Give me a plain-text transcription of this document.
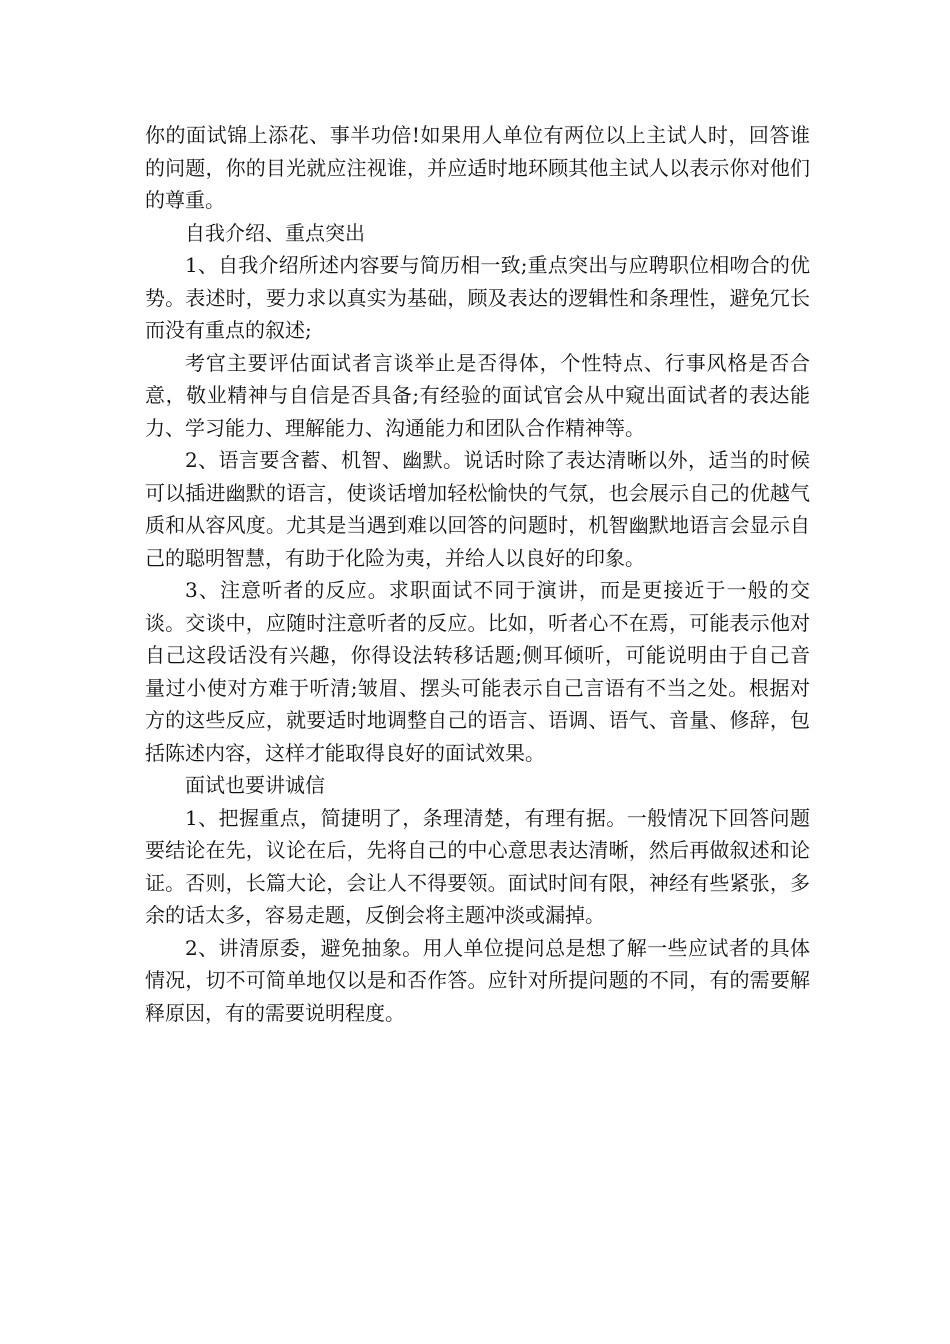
你的面试锦上添花、事半功倍!如果用人单位有两位以上主试人时，回答谁的问题，你的目光就应注视谁，并应适时地环顾其他主试人以表示你对他们的尊重。

自我介绍、重点突出

1、自我介绍所述内容要与简历相一致;重点突出与应聘职位相吻合的优势。表述时，要力求以真实为基础，顾及表达的逻辑性和条理性，避免冗长而没有重点的叙述;

考官主要评估面试者言谈举止是否得体，个性特点、行事风格是否合意，敬业精神与自信是否具备;有经验的面试官会从中窥出面试者的表达能力、学习能力、理解能力、沟通能力和团队合作精神等。

2、语言要含蓄、机智、幽默。说话时除了表达清晰以外，适当的时候可以插进幽默的语言，使谈话增加轻松愉快的气氛，也会展示自己的优越气质和从容风度。尤其是当遇到难以回答的问题时，机智幽默地语言会显示自己的聪明智慧，有助于化险为夷，并给人以良好的印象。

3、注意听者的反应。求职面试不同于演讲，而是更接近于一般的交谈。交谈中，应随时注意听者的反应。比如，听者心不在焉，可能表示他对自己这段话没有兴趣，你得设法转移话题;侧耳倾听，可能说明由于自己音量过小使对方难于听清;皱眉、摆头可能表示自己言语有不当之处。根据对方的这些反应，就要适时地调整自己的语言、语调、语气、音量、修辞，包括陈述内容，这样才能取得良好的面试效果。

面试也要讲诚信

1、把握重点，简捷明了，条理清楚，有理有据。一般情况下回答问题要结论在先，议论在后，先将自己的中心意思表达清晰，然后再做叙述和论证。否则，长篇大论，会让人不得要领。面试时间有限，神经有些紧张，多余的话太多，容易走题，反倒会将主题冲淡或漏掉。

2、讲清原委，避免抽象。用人单位提问总是想了解一些应试者的具体情况，切不可简单地仅以是和否作答。应针对所提问题的不同，有的需要解释原因，有的需要说明程度。
